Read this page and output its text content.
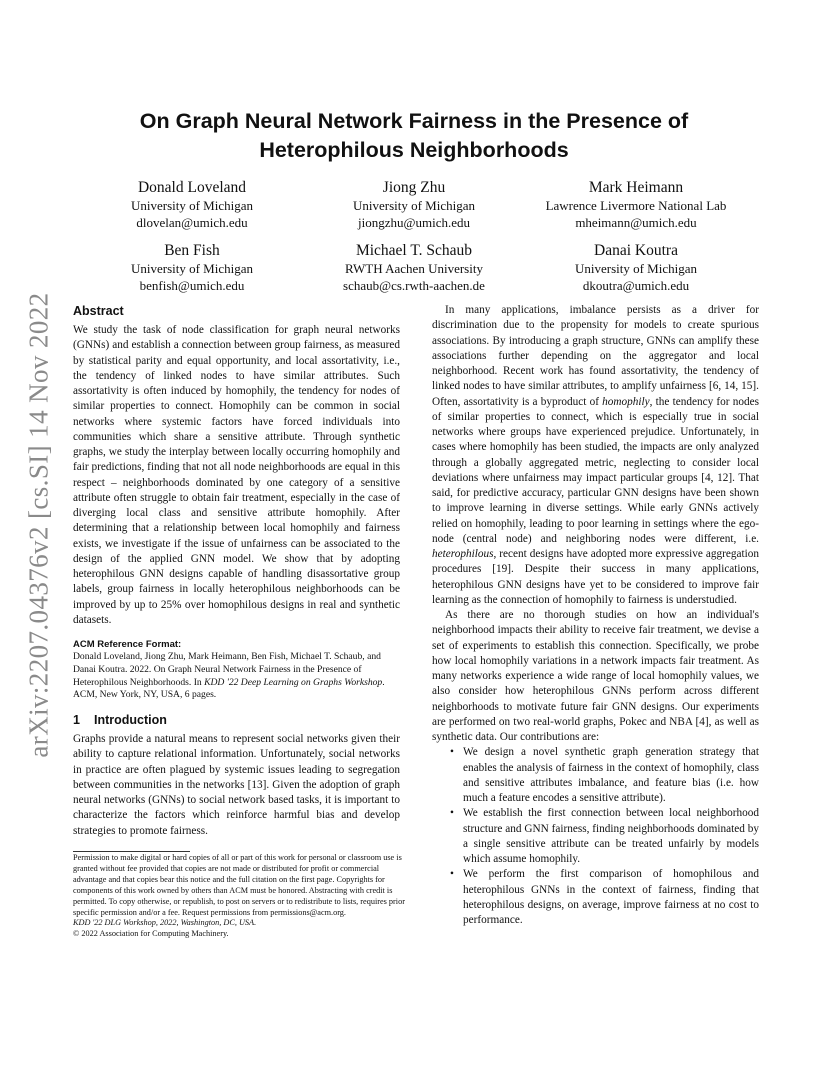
arXiv:2207.04376v2 [cs.SI] 14 Nov 2022
On Graph Neural Network Fairness in the Presence of
Heterophilous Neighborhoods
Donald Loveland
University of Michigan
dlovelan@umich.edu
Jiong Zhu
University of Michigan
jiongzhu@umich.edu
Mark Heimann
Lawrence Livermore National Lab
mheimann@umich.edu
Ben Fish
University of Michigan
benfish@umich.edu
Michael T. Schaub
RWTH Aachen University
schaub@cs.rwth-aachen.de
Danai Koutra
University of Michigan
dkoutra@umich.edu
Abstract

We study the task of node classification for graph neural networks (GNNs) and establish a connection between group fairness, as measured by statistical parity and equal opportunity, and local assortativity, i.e., the tendency of linked nodes to have similar attributes. Such assortativity is often induced by homophily, the tendency for nodes of similar properties to connect. Homophily can be common in social networks where systemic factors have forced individuals into communities which share a sensitive attribute. Through synthetic graphs, we study the interplay between locally occurring homophily and fair predictions, finding that not all node neighborhoods are equal in this respect – neighborhoods dominated by one category of a sensitive attribute often struggle to obtain fair treatment, especially in the case of diverging local class and sensitive attribute homophily. After determining that a relationship between local homophily and fairness exists, we investigate if the issue of unfairness can be associated to the design of the applied GNN model. We show that by adopting heterophilous GNN designs capable of handling disassortative group labels, group fairness in locally heterophilous neighborhoods can be improved by up to 25% over homophilous designs in real and synthetic datasets.

ACM Reference Format:

Donald Loveland, Jiong Zhu, Mark Heimann, Ben Fish, Michael T. Schaub, and Danai Koutra. 2022. On Graph Neural Network Fairness in the Presence of Heterophilous Neighborhoods. In KDD '22 Deep Learning on Graphs Workshop. ACM, New York, NY, USA, 6 pages.

1 Introduction

Graphs provide a natural means to represent social networks given their ability to capture relational information. Unfortunately, social networks in practice are often plagued by systemic issues leading to segregation between communities in the networks [13]. Given the adoption of graph neural networks (GNNs) to social network based tasks, it is important to characterize the factors which reinforce harmful bias and develop strategies to promote fairness.

Permission to make digital or hard copies of all or part of this work for personal or classroom use is granted without fee provided that copies are not made or distributed for profit or commercial advantage and that copies bear this notice and the full citation on the first page. Copyrights for components of this work owned by others than ACM must be honored. Abstracting with credit is permitted. To copy otherwise, or republish, to post on servers or to redistribute to lists, requires prior specific permission and/or a fee. Request permissions from permissions@acm.org.

KDD '22 DLG Workshop, 2022, Washington, DC, USA.

© 2022 Association for Computing Machinery.

In many applications, imbalance persists as a driver for discrimination due to the propensity for models to create spurious associations. By introducing a graph structure, GNNs can amplify these associations further depending on the aggregator and local neighborhood. Recent work has found assortativity, the tendency of linked nodes to have similar attributes, to amplify unfairness [6, 14, 15]. Often, assortativity is a byproduct of homophily, the tendency for nodes of similar properties to connect, which is especially true in social networks where groups have experienced prejudice. Unfortunately, in cases where homophily has been studied, the impacts are only analyzed through a globally aggregated metric, neglecting to consider local deviations where unfairness may impact particular groups [4, 12]. That said, for predictive accuracy, particular GNN designs have been shown to improve learning in diverse settings. While early GNNs actively relied on homophily, leading to poor learning in settings where the ego-node (central node) and neighboring nodes were different, i.e. heterophilous, recent designs have adopted more expressive aggregation procedures [19]. Despite their success in many applications, heterophilous GNN designs have yet to be considered to improve fair learning as the connection of homophily to fairness is understudied.

As there are no thorough studies on how an individual's neighborhood impacts their ability to receive fair treatment, we devise a set of experiments to establish this connection. Specifically, we probe how local homophily variations in a network impacts fair treatment. As many networks experience a wide range of local homophily values, we also consider how heterophilous GNNs perform across different neighborhoods to motivate future fair GNN designs. Our experiments are performed on two real-world graphs, Pokec and NBA [4], as well as synthetic data. Our contributions are:

• We design a novel synthetic graph generation strategy that enables the analysis of fairness in the context of homophily, class and sensitive attributes imbalance, and feature bias (i.e. how much a feature encodes a sensitive attribute).
• We establish the first connection between local neighborhood structure and GNN fairness, finding neighborhoods dominated by a single sensitive attribute can be treated unfairly by models which assume homophily.
• We perform the first comparison of homophilous and heterophilous GNNs in the context of fairness, finding that heterophilous designs, on average, improve fairness at no cost to performance.
